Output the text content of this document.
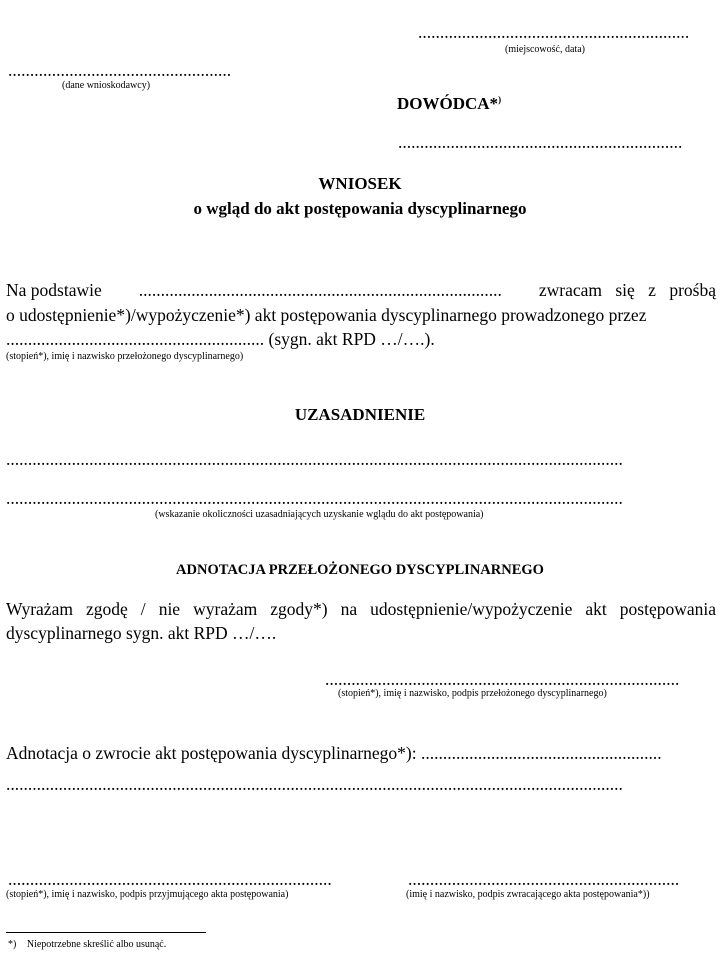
..............................................................
(miejscowość, data)
...................................................
(dane wnioskodawcy)
DOWÓDCA*)
.................................................................
WNIOSEK
o wgląd do akt postępowania dyscyplinarnego
Na podstawie ................................................................................... zwracam się z prośbą
o udostępnienie*)/wypożyczenie*) akt postępowania dyscyplinarnego prowadzonego przez
........................................................... (sygn. akt RPD …/….).
(stopień*), imię i nazwisko przełożonego dyscyplinarnego)
UZASADNIENIE
.............................................................................................................................................
.............................................................................................................................................
(wskazanie okoliczności uzasadniających uzyskanie wglądu do akt postępowania)
ADNOTACJA PRZEŁOŻONEGO DYSCYPLINARNEGO
Wyrażam zgodę / nie wyrażam zgody*) na udostępnienie/wypożyczenie akt postępowania
dyscyplinarnego sygn. akt RPD …/….
.................................................................................
(stopień*), imię i nazwisko, podpis przełożonego dyscyplinarnego)
Adnotacja o zwrocie akt postępowania dyscyplinarnego*): .......................................................
.............................................................................................................................................
..........................................................................
(stopień*), imię i nazwisko, podpis przyjmującego akta postępowania)
..............................................................
(imię i nazwisko, podpis zwracającego akta postępowania*))
*) Niepotrzebne skreślić albo usunąć.
